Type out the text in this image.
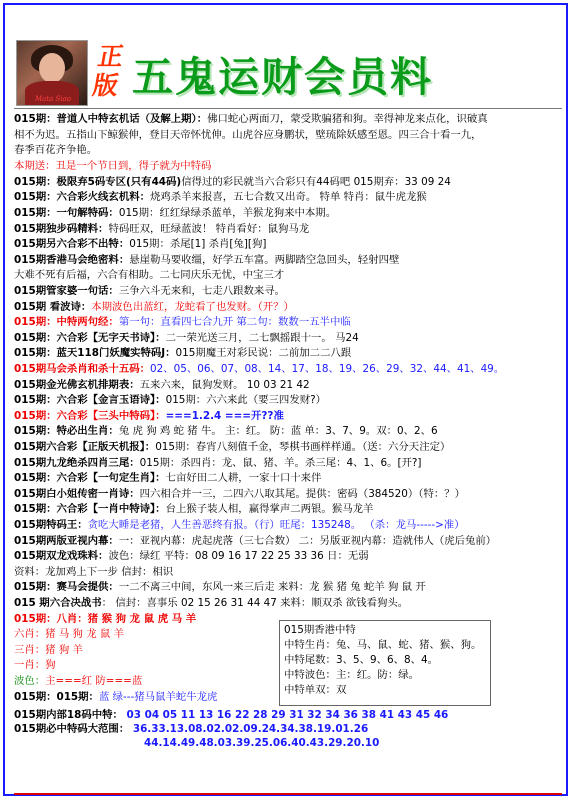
Mata Siao
正版 五鬼运财会员料
015期：普道人中特玄机话（及解上期）：佛口蛇心两面刀，蒙受欺骗猪和狗。幸得神龙来点化，识破真
相不为迟。五指山下鲸猴伸，登目天帝怀忧伸。山虎谷应身鹏状，壁琉除妖感至恩。四三合十看一九，
春季百花齐争艳。
本期送：丑是一个节日到，得子就为中特码
015期：极限弃5码专区(只有44码)信得过的彩民就当六合彩只有44码吧 015期弃：33 09 24
015期：六合彩火线玄机料：烧鸡杀羊来报喜，五七合数又出奇。 特单 特肖：鼠牛虎龙猴
015期：一句解特码：015期：红红绿绿杀蓝单，羊猴龙狗来中本期。
015期独步码精料：特码旺双，旺绿蓝波！ 特肖看好：鼠狗马龙
015期另六合彩不出特：015期：杀尾[1] 杀肖[兔][狗]
015期香港马会绝密料：悬崖勒马要收缰，好学五车富。两脚踏空急回头，轻射四壁
大难不死有后福，六合有相助。二七同庆乐无忧，中宝三才
015期管家婆一句话：三争六斗无来和，七走八跟数来寻。
015期 看波诗：本期波色出蓝红，龙蛇看了也发财。（开？）
015期：中特两句经：第一句：直看四七合九开 第二句：数数一五半中临
015期：六合彩【无字天书诗】：二一荣光送三月，二七飘摇跟十一。 马24
015期：蓝天118门妖魔实特码J：015期魔王对彩民说：二前加二二八跟
015期马会杀肖和杀十五码：02、05、06、07、08、14、17、18、19、26、29、32、44、41、49。
015期金光佛玄机排期表：五来六来，鼠狗发财。 10 03 21 42
015期：六合彩【金言玉语诗】：015期：六六来此（要三四发财?）
015期：六合彩【三头中特码】：===1.2.4 ===开??准
015期：特必出生肖：兔 虎 狗 鸡 蛇 猪 牛。 主：红。 防：蓝 单：3、7、9。双：0、2、6
015期六合彩【正版天机报】：015期：春宵八刻值千金，琴棋书画样样通。（送：六分天注定）
015期九龙绝杀四肖三尾：015期：杀四肖：龙、鼠、猪、羊。杀三尾：4、1、6。[开?]
015期：六合彩【一句定生肖】：七亩好田二人耕，一家十口十来伴
015期白小姐传密一肖诗：四六相合并一三，二四六八取其尾。提供：密码（384520）（特：？）
015期：六合彩【一肖中特诗】：台上猴子装人相，赢得掌声二两银。猴马龙羊
015期特码王：贪吃大睡是老猪，人生善恶终有报。（行）旺尾：135248。 （杀：龙马----->准）
015期两版亚视内幕：一：亚视内幕：虎起虎落（三七合数） 二：另版亚视内幕：造就伟人（虎后兔前）
015期双龙戏珠料：波色：绿红 平特：08 09 16 17 22 25 33 36 日：无弱
资料：龙加鸡上下一步 信封：相识
015期：赛马会提供：一二不离三中间，东风一来三后走 来料：龙 猴 猪 兔 蛇羊 狗 鼠 开
015 期六合决战书： 信封：喜事乐 02 15 26 31 44 47 来料：顺双杀 欲钱看狗头。
015期：八肖：猪 猴 狗 龙 鼠 虎 马 羊
六肖：猪 马 狗 龙 鼠 羊
三肖：猪 狗 羊
一肖：狗
波色：主===红 防===蓝
015期：015期：蓝 绿---猪马鼠羊蛇牛龙虎
015期香港中特
中特生肖：兔、马、鼠、蛇、猪、猴、狗。
中特尾数：3、5、9、6、8、4。
中特波色：主：红。防：绿。
中特单双：双
015期内部18码中特： 03 04 05 11 13 16 22 28 29 31 32 34 36 38 41 43 45 46
015期必中特码大范围： 36.33.13.08.02.02.09.24.34.38.19.01.26
44.14.49.48.03.39.25.06.40.43.29.20.10
